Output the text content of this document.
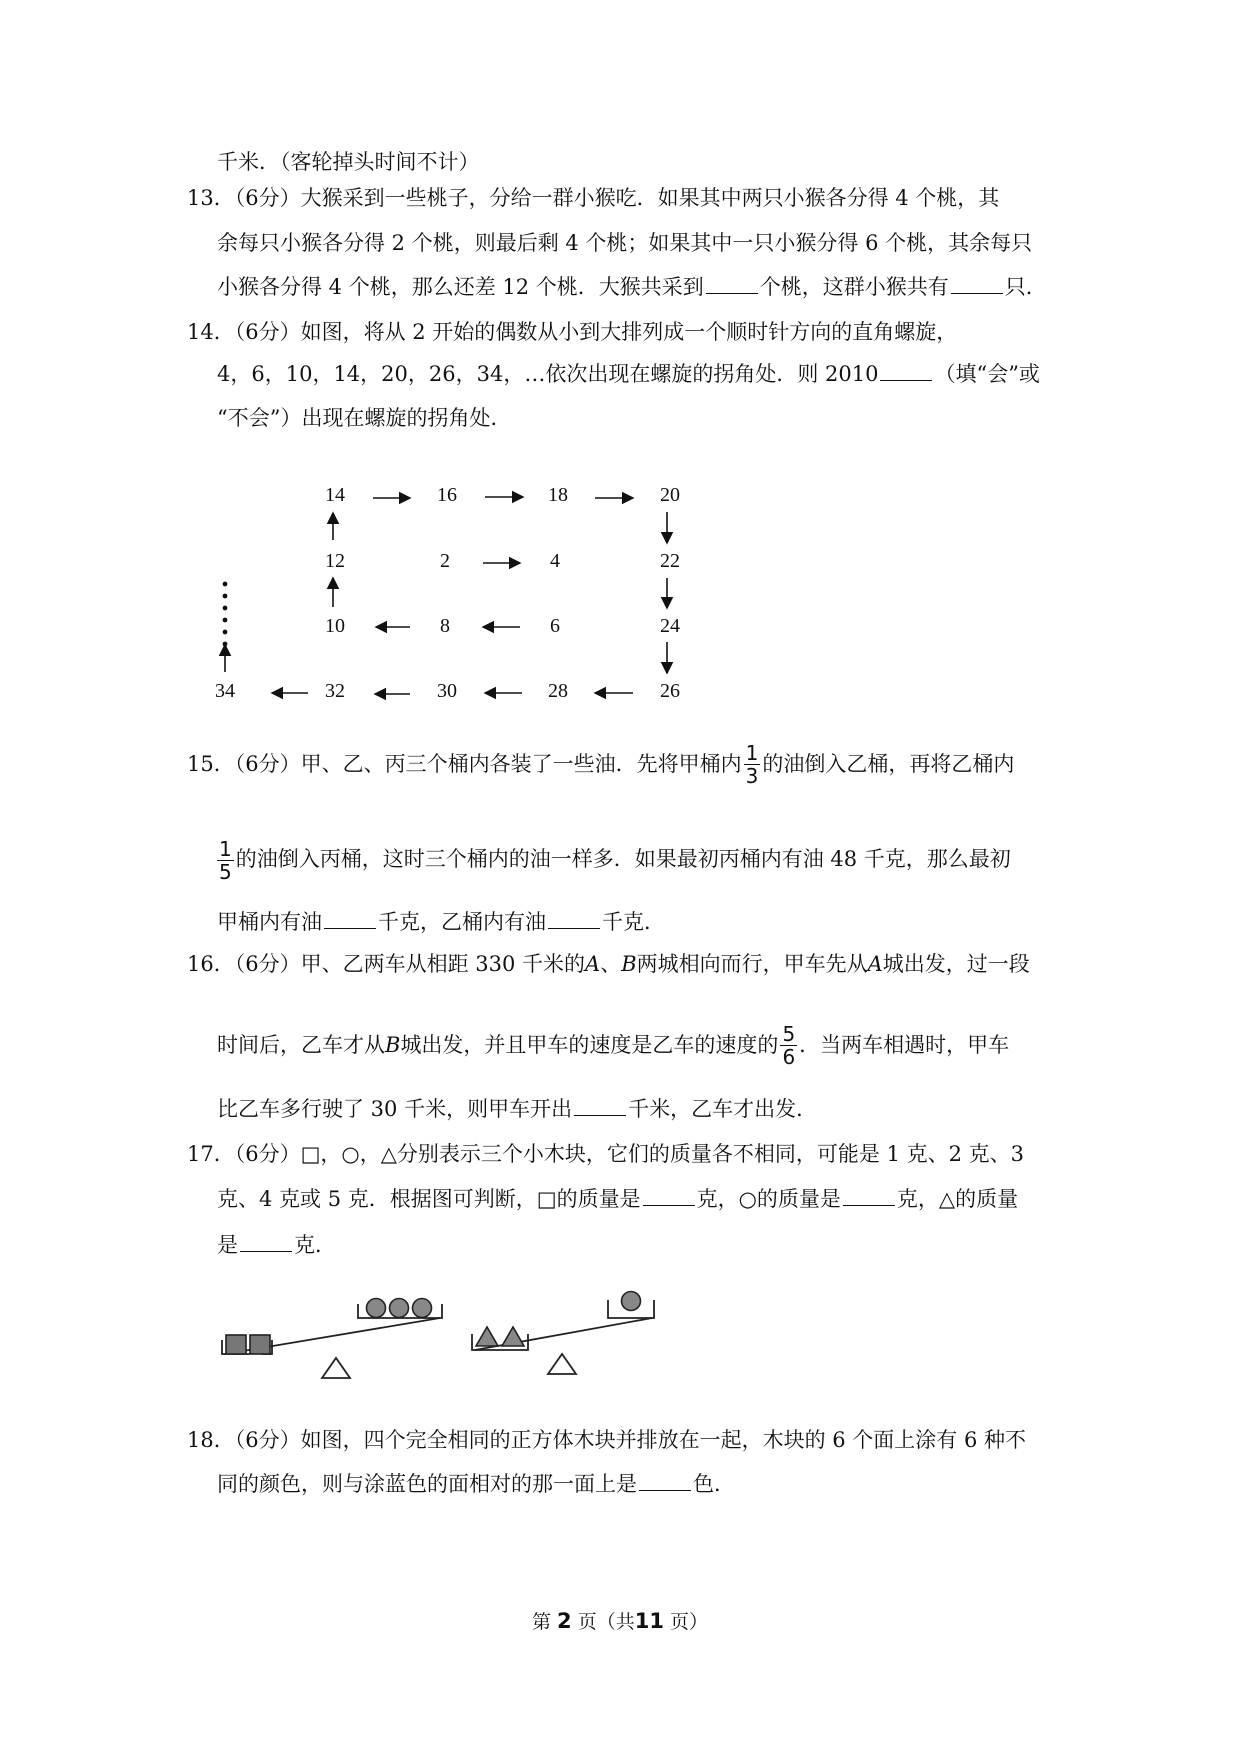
千米．（客轮掉头时间不计）
13．（6分）大猴采到一些桃子，分给一群小猴吃．如果其中两只小猴各分得 4 个桃，其
余每只小猴各分得 2 个桃，则最后剩 4 个桃；如果其中一只小猴分得 6 个桃，其余每只
小猴各分得 4 个桃，那么还差 12 个桃．大猴共采到	个桃，这群小猴共有	只．
14．（6分）如图，将从 2 开始的偶数从小到大排列成一个顺时针方向的直角螺旋，
4，6，10，14，20，26，34，…依次出现在螺旋的拐角处．则 2010	（填“会”或
“不会”）出现在螺旋的拐角处．
14	16	18	20
12	2	4	22
10	8	6	24
34	32	30	28	26
15．（6分）甲、乙、丙三个桶内各装了一些油．先将甲桶内 $\frac{1}{3}$ 的油倒入乙桶，再将乙桶内
$\frac{1}{5}$ 的油倒入丙桶，这时三个桶内的油一样多．如果最初丙桶内有油 48 千克，那么最初
甲桶内有油	千克，乙桶内有油	千克．
16．（6分）甲、乙两车从相距 330 千米的A、B两城相向而行，甲车先从A城出发，过一段
时间后，乙车才从B城出发，并且甲车的速度是乙车的速度的 $\frac{5}{6}$ ．当两车相遇时，甲车
比乙车多行驶了 30 千米，则甲车开出	千米，乙车才出发．
17．（6分）□，○，△分别表示三个小木块，它们的质量各不相同，可能是 1 克、2 克、3
克、4 克或 5 克．根据图可判断，□的质量是	克，○的质量是	克，△的质量
是	克．
18．（6分）如图，四个完全相同的正方体木块并排放在一起，木块的 6 个面上涂有 6 种不
同的颜色，则与涂蓝色的面相对的那一面上是	色．
第 2 页（共11 页）
